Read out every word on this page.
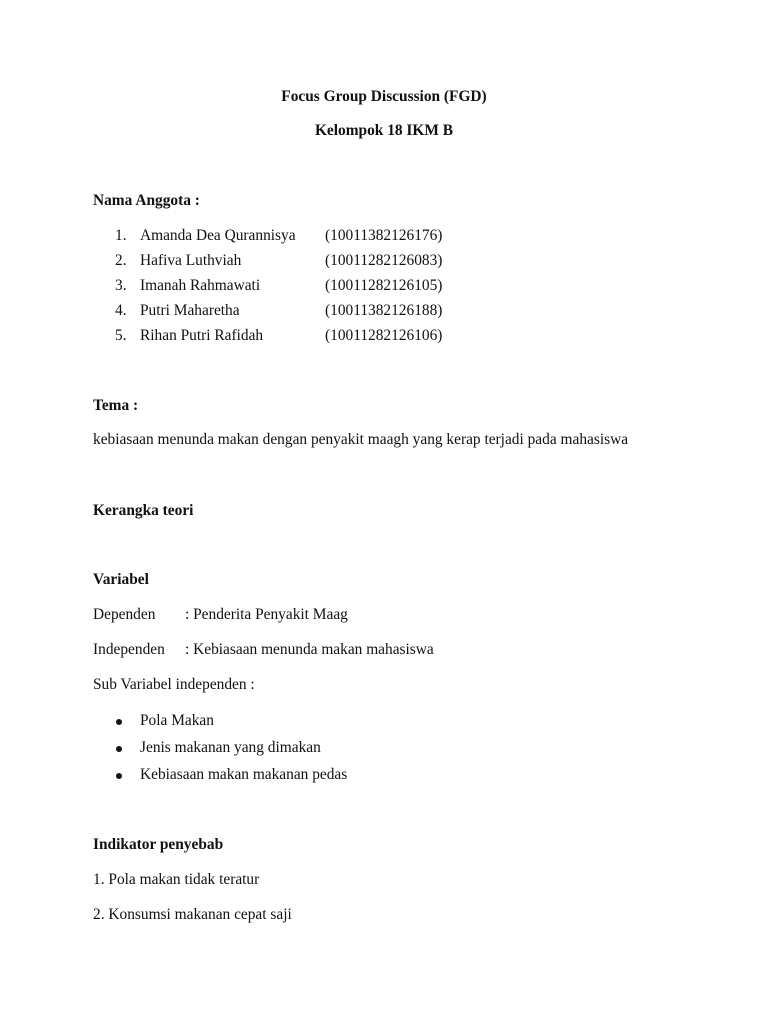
Focus Group Discussion (FGD)
Kelompok 18 IKM B
Nama Anggota :
1. Amanda Dea Qurannisya (10011382126176)
2. Hafiva Luthviah	(10011282126083)
3. Imanah Rahmawati	(10011282126105)
4. Putri Maharetha	(10011382126188)
5. Rihan Putri Rafidah	(10011282126106)
Tema :
kebiasaan menunda makan dengan penyakit maagh yang kerap terjadi pada mahasiswa
Kerangka teori
Variabel
Dependen : Penderita Penyakit Maag
Independen : Kebiasaan menunda makan mahasiswa
Sub Variabel independen :
Pola Makan
Jenis makanan yang dimakan
Kebiasaan makan makanan pedas
Indikator penyebab
1. Pola makan tidak teratur
2. Konsumsi makanan cepat saji
